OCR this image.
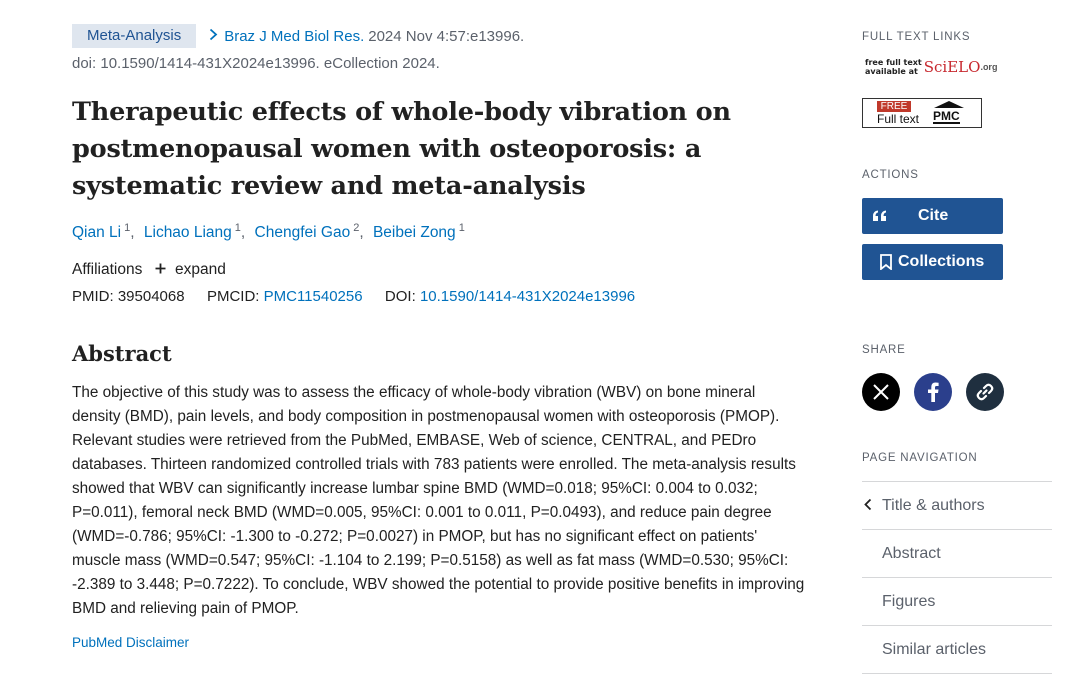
Meta-Analysis	Braz J Med Biol Res. 2024 Nov 4:57:e13996.
doi: 10.1590/1414-431X2024e13996. eCollection 2024.
Therapeutic effects of whole-body vibration on postmenopausal women with osteoporosis: a systematic review and meta-analysis
Qian Li $^1$, Lichao Liang $^1$, Chengfei Gao $^2$, Beibei Zong $^1$
Affiliations expand
PMID: 39504068 PMCID: PMC11540256 DOI: 10.1590/1414-431X2024e13996
Abstract

The objective of this study was to assess the efficacy of whole-body vibration (WBV) on bone mineral density (BMD), pain levels, and body composition in postmenopausal women with osteoporosis (PMOP). Relevant studies were retrieved from the PubMed, EMBASE, Web of science, CENTRAL, and PEDro databases. Thirteen randomized controlled trials with 783 patients were enrolled. The meta-analysis results showed that WBV can significantly increase lumbar spine BMD (WMD=0.018; 95%CI: 0.004 to 0.032; P=0.011), femoral neck BMD (WMD=0.005, 95%CI: 0.001 to 0.011, P=0.0493), and reduce pain degree (WMD=-0.786; 95%CI: -1.300 to -0.272; P=0.0027) in PMOP, but has no significant effect on patients' muscle mass (WMD=0.547; 95%CI: -1.104 to 2.199; P=0.5158) as well as fat mass (WMD=0.530; 95%CI: -2.389 to 3.448; P=0.7222). To conclude, WBV showed the potential to provide positive benefits in improving BMD and relieving pain of PMOP.

PubMed Disclaimer
FULL TEXT LINKS
free full text
available at SciELO .org
FREE
Full text PMC
ACTIONS
Cite
Collections
SHARE
PAGE NAVIGATION
Title & authors
Abstract
Figures
Similar articles
